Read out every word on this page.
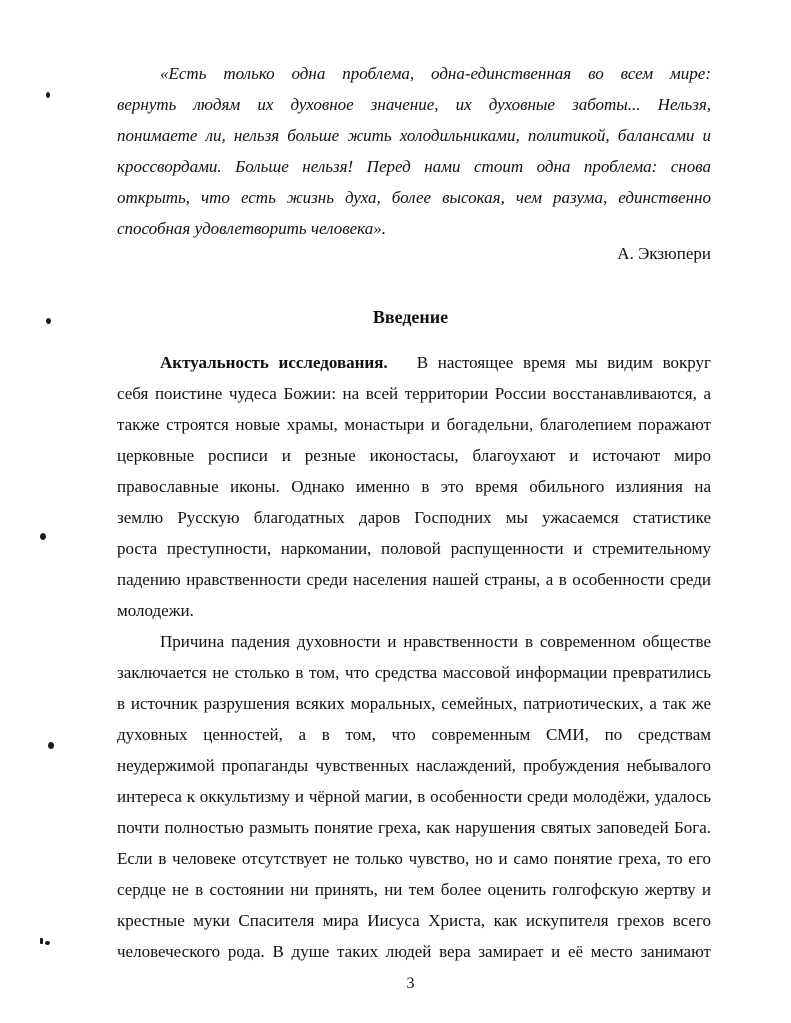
«Есть только одна проблема, одна-единственная во всем мире:
вернуть людям их духовное значение, их духовные заботы... Нельзя,
понимаете ли, нельзя больше жить холодильниками, политикой, балансами и
кроссвордами. Больше нельзя! Перед нами стоит одна проблема: снова
открыть, что есть жизнь духа, более высокая, чем разума, единственно
способная удовлетворить человека».
А. Экзюпери
Введение
Актуальность исследования. В настоящее время мы видим вокруг
себя поистине чудеса Божии: на всей территории России восстанавливаются, а
также строятся новые храмы, монастыри и богадельни, благолепием поражают
церковные росписи и резные иконостасы, благоухают и источают миро
православные иконы. Однако именно в это время обильного излияния на
землю Русскую благодатных даров Господних мы ужасаемся статистике
роста преступности, наркомании, половой распущенности и стремительному
падению нравственности среди населения нашей страны, а в особенности среди
молодежи.
Причина падения духовности и нравственности в современном обществе
заключается не столько в том, что средства массовой информации превратились
в источник разрушения всяких моральных, семейных, патриотических, а так же
духовных ценностей, а в том, что современным СМИ, по средствам
неудержимой пропаганды чувственных наслаждений, пробуждения небывалого
интереса к оккультизму и чёрной магии, в особенности среди молодёжи, удалось
почти полностью размыть понятие греха, как нарушения святых заповедей Бога.
Если в человеке отсутствует не только чувство, но и само понятие греха, то его
сердце не в состоянии ни принять, ни тем более оценить голгофскую жертву и
крестные муки Спасителя мира Иисуса Христа, как искупителя грехов всего
человеческого рода. В душе таких людей вера замирает и её место занимают
3
